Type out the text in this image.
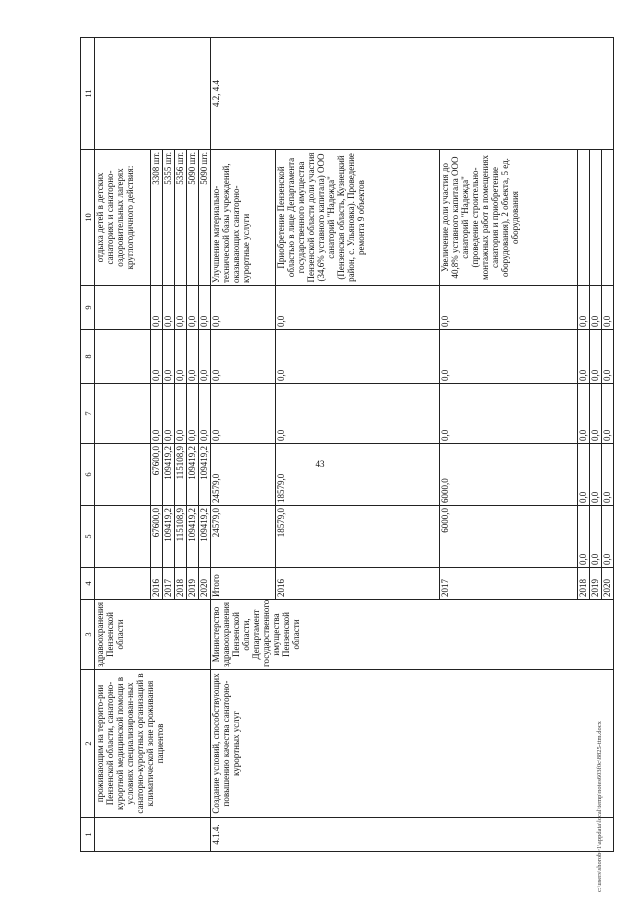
43
1	2	3	4	5	6	7	8	9	10	11
	проживающим на террито-рии Пензенской области, санаторно-курортной медицинской помощи в условиях специализирован-ных санаторно-курортных организаций в климатической зоне проживания пациентов	здравоохранения Пензенской области							отдыха детей в детских санаториях и санаторно-оздоровительных лагерях круглогодичного действия:	
			2016	67600,0	67600,0	0,0	0,0	0,0	3308 шт.	
			2017	109419,2	109419,2	0,0	0,0	0,0	5355 шт.	
			2018	115108,9	115108,9	0,0	0,0	0,0	5356 шт.	
			2019	109419,2	109419,2	0,0	0,0	0,0	5090 шт.	
			2020	109419,2	109419,2	0,0	0,0	0,0	5090 шт.	
4.1.4.	Создание условий, способствующих повышению качества санаторно-курортных услуг	Министерство здравоохранения Пензенской области, Департамент государственного имущества Пензенской области	Итого	24579,0	24579,0	0,0	0,0	0,0	Улучшение материально-технической базы учреждений, оказывающих санаторно-курортные услуги	4.2, 4.4
			2016	18579,0	18579,0	0,0	0,0	0,0	Приобретение Пензенской областью в лице Департамента государственного имущества Пензенской области доли участия (34,6% уставного капитала) ООО санаторий "Надежда" (Пензенская область, Кузнецкий район, с. Ульяновка). Проведение ремонта 9 объектов	
			2017	6000,0	6000,0	0,0	0,0	0,0	Увеличение доли участия до 40,8% уставного капитала ООО санаторий "Надежда" (проведение строительно-монтажных работ в помещениях санатория и приобретение оборудования), 2 объекта, 5 ед. оборудования	
			2018	0,0	0,0	0,0	0,0	0,0		
			2019	0,0	0,0	0,0	0,0	0,0		
			2020	0,0	0,0	0,0	0,0	0,0		
c:\users\shorob~1\appdata\local\temp\notes603f0c\8825-ttm.docx
